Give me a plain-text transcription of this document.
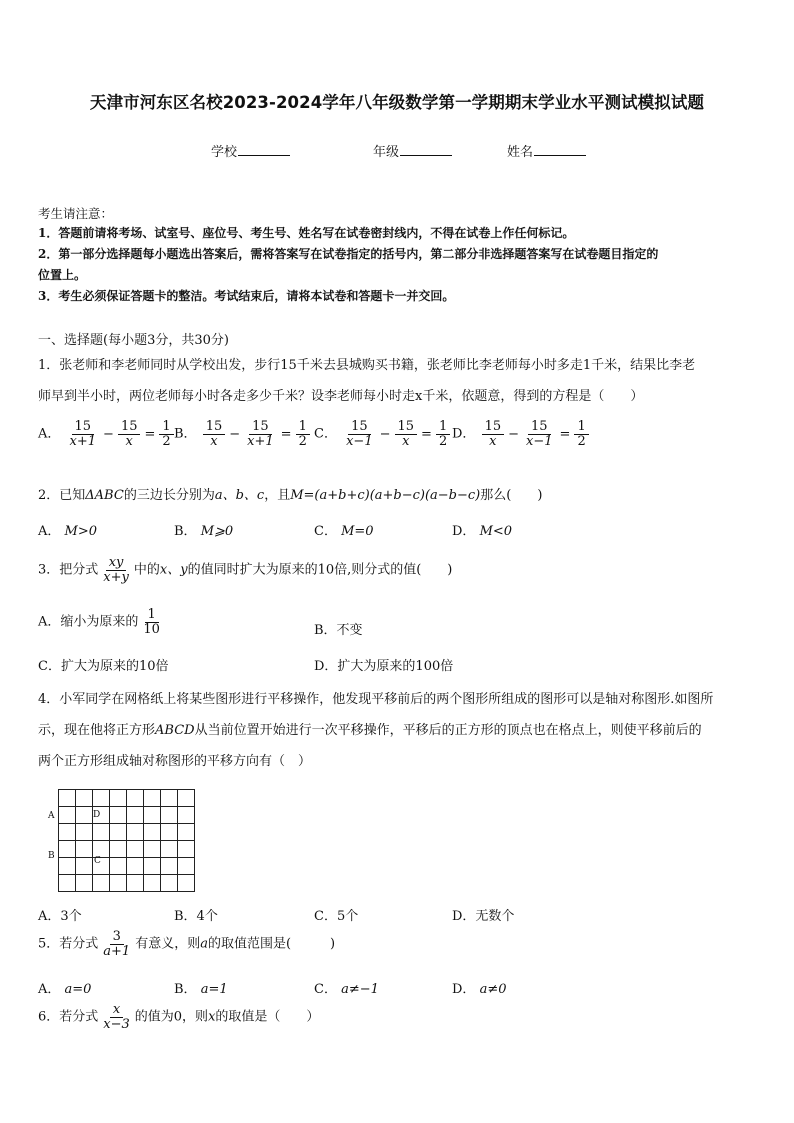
天津市河东区名校2023-2024学年八年级数学第一学期期末学业水平测试模拟试题
学校	年级	姓名
考生请注意：
1．答题前请将考场、试室号、座位号、考生号、姓名写在试卷密封线内，不得在试卷上作任何标记。
2．第一部分选择题每小题选出答案后，需将答案写在试卷指定的括号内，第二部分非选择题答案写在试卷题目指定的
位置上。
3．考生必须保证答题卡的整洁。考试结束后，请将本试卷和答题卡一并交回。
一、选择题(每小题3分，共30分)
1．张老师和李老师同时从学校出发，步行15千米去县城购买书籍，张老师比李老师每小时多走1千米，结果比李老
师早到半小时，两位老师每小时各走多少千米？设李老师每小时走x千米，依题意，得到的方程是（　　）
A． $\frac{15}{x+1} - \frac{15}{x} = \frac{1}{2}$ B． $\frac{15}{x} - \frac{15}{x+1} = \frac{1}{2}$ C． $\frac{15}{x-1} - \frac{15}{x} = \frac{1}{2}$ D． $\frac{15}{x} - \frac{15}{x-1} = \frac{1}{2}$
2．已知ΔABC的三边长分别为a、b、c，且M=(a+b+c)(a+b−c)(a−b−c)那么(　　)
A． M>0	B． M⩾0	C． M=0	D． M<0
3．把分式 $\frac{xy}{x+y}$ 中的x、y的值同时扩大为原来的10倍,则分式的值(　　)
A．缩小为原来的 $\frac{1}{10}$	B．不变
C．扩大为原来的10倍	D．扩大为原来的100倍
4．小军同学在网格纸上将某些图形进行平移操作，他发现平移前后的两个图形所组成的图形可以是轴对称图形.如图所
示，现在他将正方形ABCD从当前位置开始进行一次平移操作，平移后的正方形的顶点也在格点上，则使平移前后的
两个正方形组成轴对称图形的平移方向有（　）

A	D
B	C
A．3个	B．4个	C．5个	D．无数个
5．若分式 $\frac{3}{a+1}$ 有意义，则a的取值范围是(　　　)
A． a=0	B． a=1	C． a≠−1	D． a≠0
6．若分式 $\frac{x}{x-3}$ 的值为0，则x的取值是（　　）
